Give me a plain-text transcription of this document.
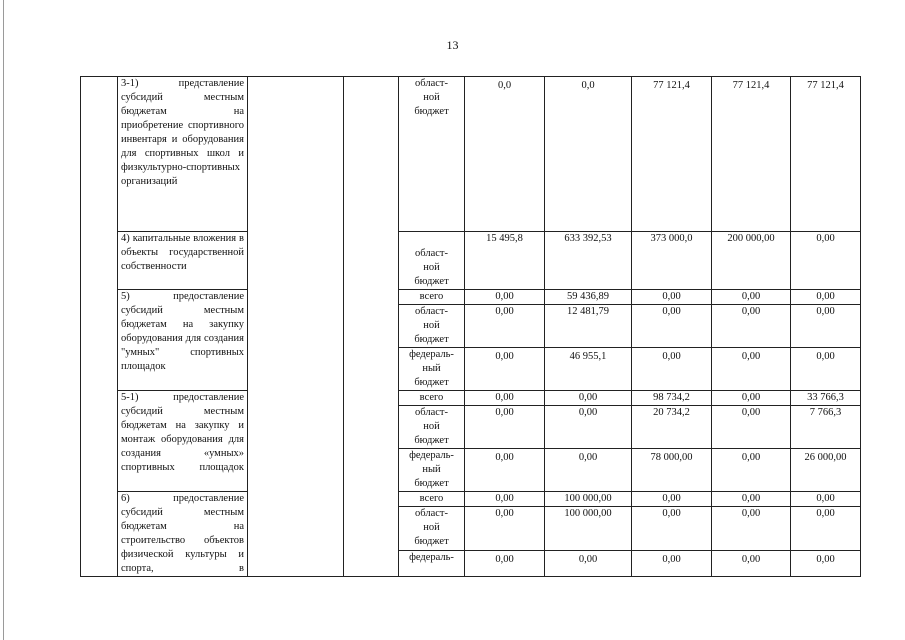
13
	3-1) представление субсидий местным бюджетам на приобретение спортивного инвентаря и оборудования для спортивных школ и физкультурно-спортивных организаций			област-
ной
бюджет	0,0	0,0	77 121,4	77 121,4	77 121,4
	4) капитальные вложения в объекты государственной собственности			област-
ной
бюджет	15 495,8	633 392,53	373 000,0	200 000,00	0,00
	5) предоставление субсидий местным бюджетам на закупку оборудования для создания "умных" спортивных площадок			всего	0,00	59 436,89	0,00	0,00	0,00
				област-
ной
бюджет	0,00	12 481,79	0,00	0,00	0,00
				федераль-
ный
бюджет	0,00	46 955,1	0,00	0,00	0,00
	5-1) предоставление субсидий местным бюджетам на закупку и монтаж оборудования для создания «умных» спортивных площадок			всего	0,00	0,00	98 734,2	0,00	33 766,3
				област-
ной
бюджет	0,00	0,00	20 734,2	0,00	7 766,3
				федераль-
ный
бюджет	0,00	0,00	78 000,00	0,00	26 000,00
	6) предоставление субсидий местным бюджетам на строительство объектов физической культуры и спорта, в			всего	0,00	100 000,00	0,00	0,00	0,00
				област-
ной
бюджет	0,00	100 000,00	0,00	0,00	0,00
				федераль-	0,00	0,00	0,00	0,00	0,00
